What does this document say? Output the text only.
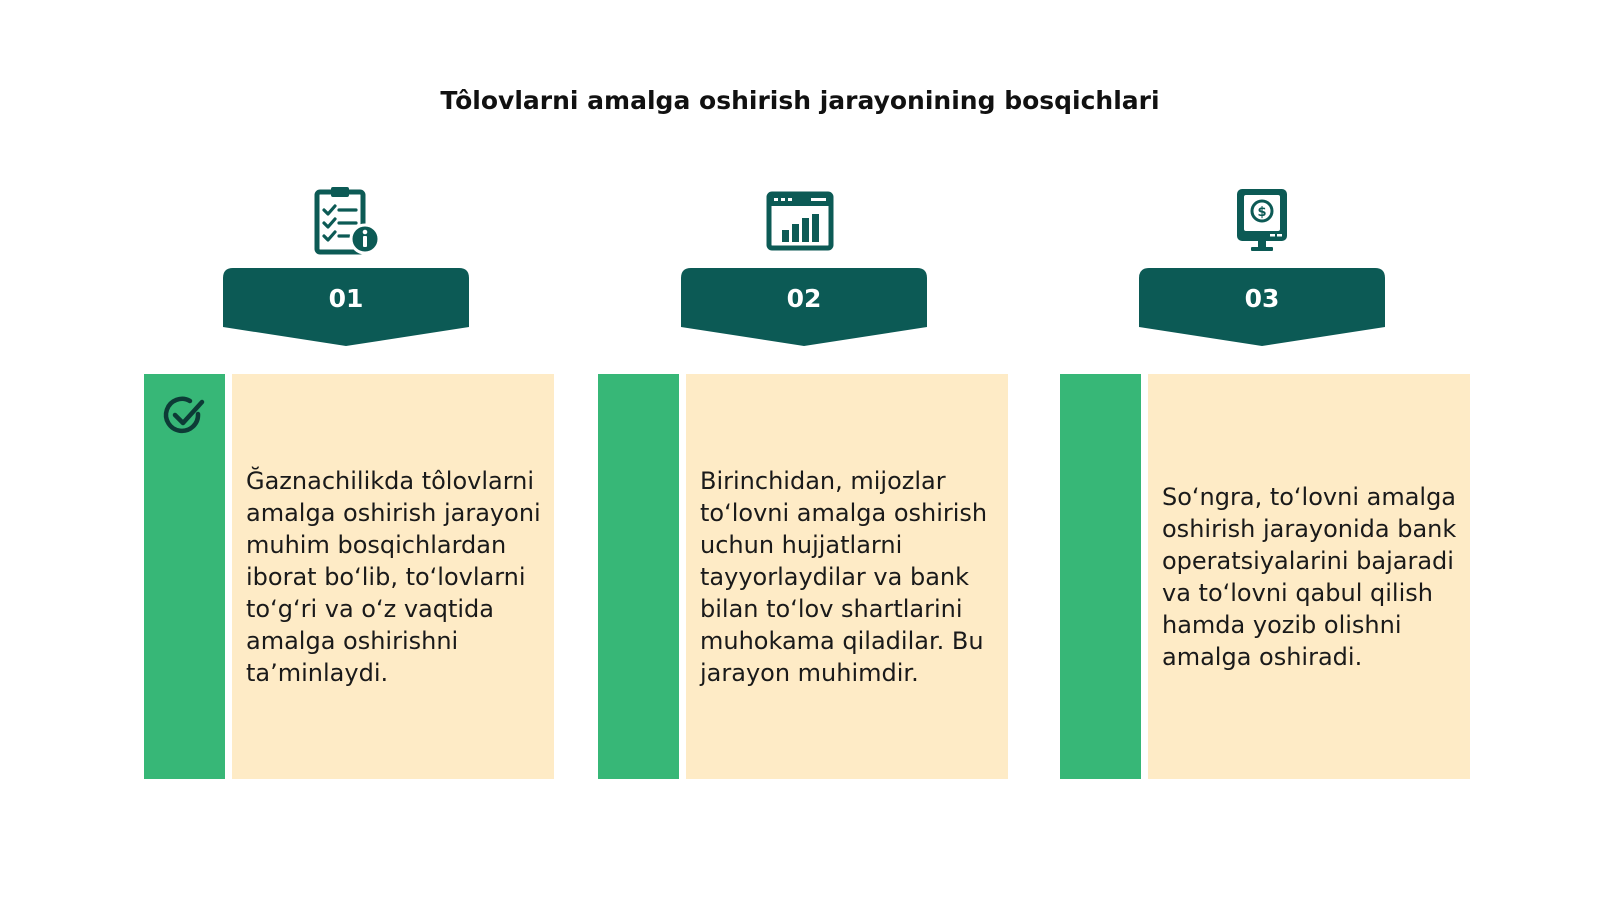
Tôlovlarni amalga oshirish jarayonining bosqichlari
01

Ğaznachilikda tôlovlarni amalga oshirish jarayoni muhim bosqichlardan iborat bo‘lib, to‘lovlarni to‘g‘ri va o‘z vaqtida amalga oshirishni ta’minlaydi.

02

Birinchidan, mijozlar to‘lovni amalga oshirish uchun hujjatlarni tayyorlaydilar va bank bilan to‘lov shartlarini muhokama qiladilar. Bu jarayon muhimdir.

$
03

So‘ngra, to‘lovni amalga oshirish jarayonida bank operatsiyalarini bajaradi va to‘lovni qabul qilish hamda yozib olishni amalga oshiradi.
